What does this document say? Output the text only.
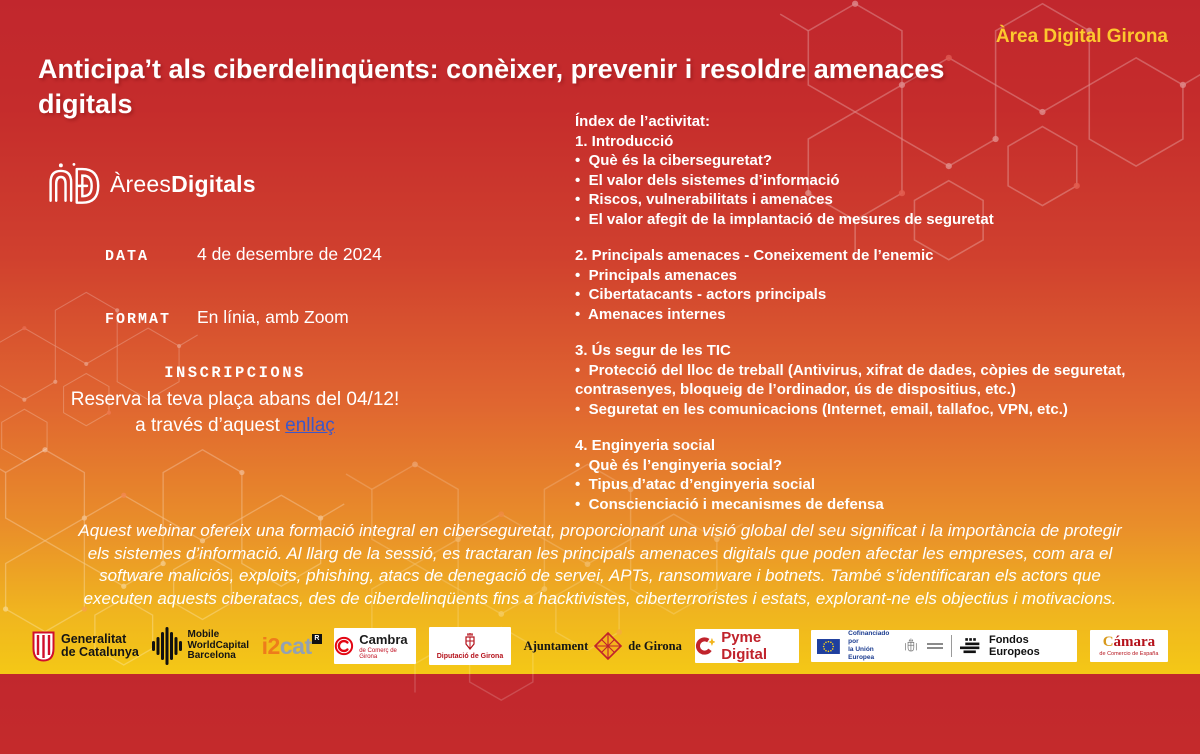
Àrea Digital Girona
Anticipa’t als ciberdelinqüents: conèixer, prevenir i resoldre amenaces digitals
ÀreesDigitals
DATA	4 de desembre de 2024
FORMAT	En línia, amb Zoom
INSCRIPCIONS
Reserva la teva plaça abans del 04/12!
a través d’aquest enllaç
Índex de l’activitat:
1. Introducció
• Què és la ciberseguretat?
• El valor dels sistemes d’informació
• Riscos, vulnerabilitats i amenaces
• El valor afegit de la implantació de mesures de seguretat
2. Principals amenaces - Coneixement de l’enemic
• Principals amenaces
• Cibertatacants - actors principals
• Amenaces internes
3. Ús segur de les TIC
• Protecció del lloc de treball (Antivirus, xifrat de dades, còpies de seguretat, contrasenyes, bloqueig de l’ordinador, ús de dispositius, etc.)
• Seguretat en les comunicacions (Internet, email, tallafoc, VPN, etc.)
4. Enginyeria social
• Què és l’enginyeria social?
• Tipus d’atac d’enginyeria social
• Conscienciació i mecanismes de defensa

Aquest webinar ofereix una formació integral en ciberseguretat, proporcionant una visió global del seu significat i la importància de protegir els sistemes d’informació. Al llarg de la sessió, es tractaran les principals amenaces digitals que poden afectar les empreses, com ara el software maliciós, exploits, phishing, atacs de denegació de servei, APTs, ransomware i botnets. També s’identificaran els actors que executen aquests ciberatacs, des de ciberdelinqüents fins a hacktivistes, ciberterroristes i estats, explorant-ne els objectius i motivacions.

Generalitat
de Catalunya
Mobile
WorldCapital
Barcelona	i2 cat R	Cambra
de Comerç de Girona	Diputació de Girona
Ajuntament	de Girona	Pyme Digital
Cofinanciado por
la Unión Europea
Fondos Europeos
Cámara
de Comercio de España
